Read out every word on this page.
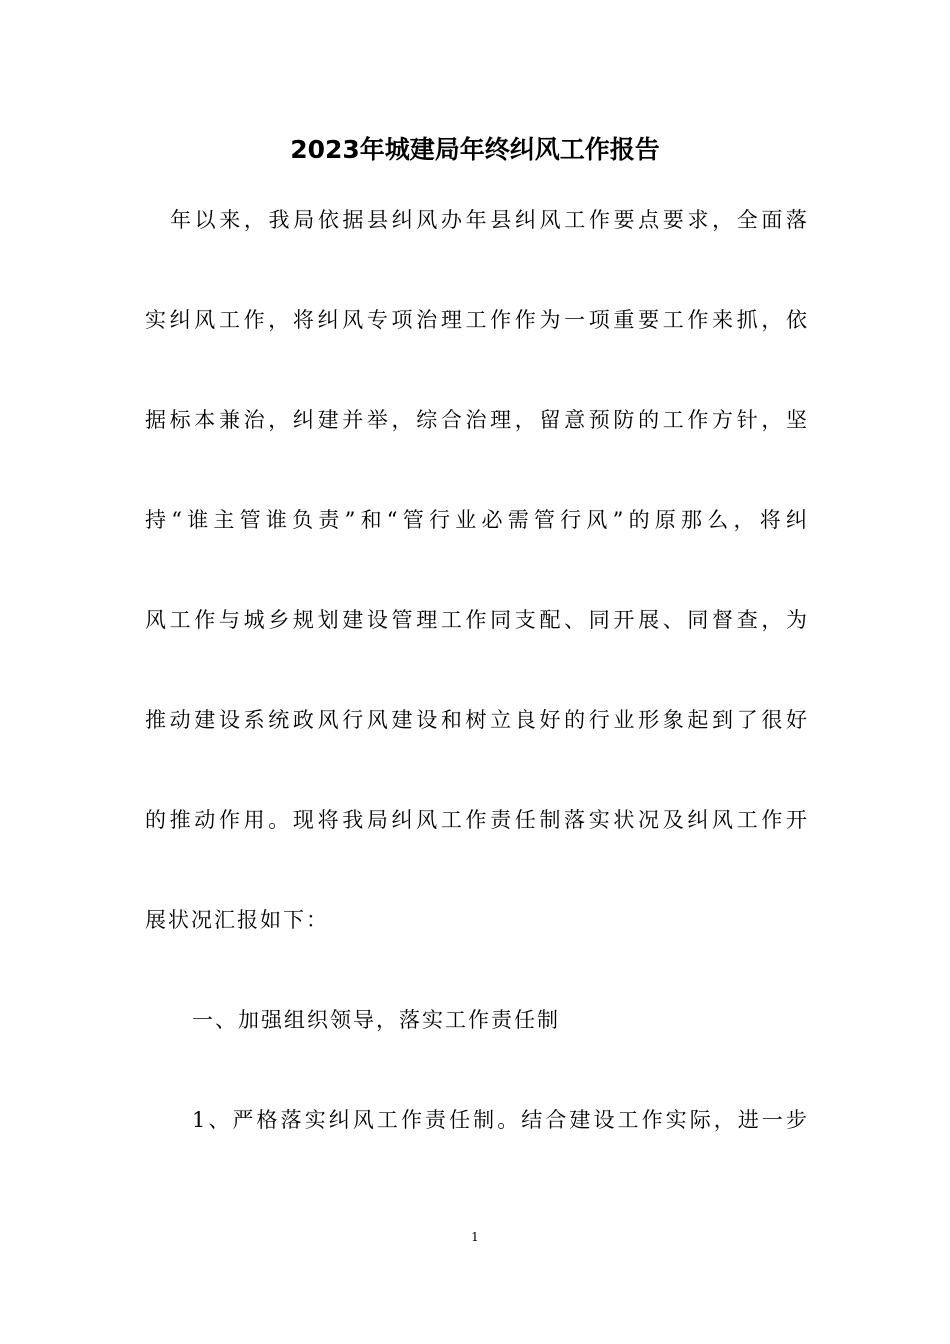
2023年城建局年终纠风工作报告
年以来，我局依据县纠风办年县纠风工作要点要求，全面落
实纠风工作，将纠风专项治理工作作为一项重要工作来抓，依
据标本兼治，纠建并举，综合治理，留意预防的工作方针，坚
持“谁主管谁负责”和“管行业必需管行风”的原那么，将纠
风工作与城乡规划建设管理工作同支配、同开展、同督查，为
推动建设系统政风行风建设和树立良好的行业形象起到了很好
的推动作用。现将我局纠风工作责任制落实状况及纠风工作开
展状况汇报如下：
一、加强组织领导，落实工作责任制
1、严格落实纠风工作责任制。结合建设工作实际，进一步
1
